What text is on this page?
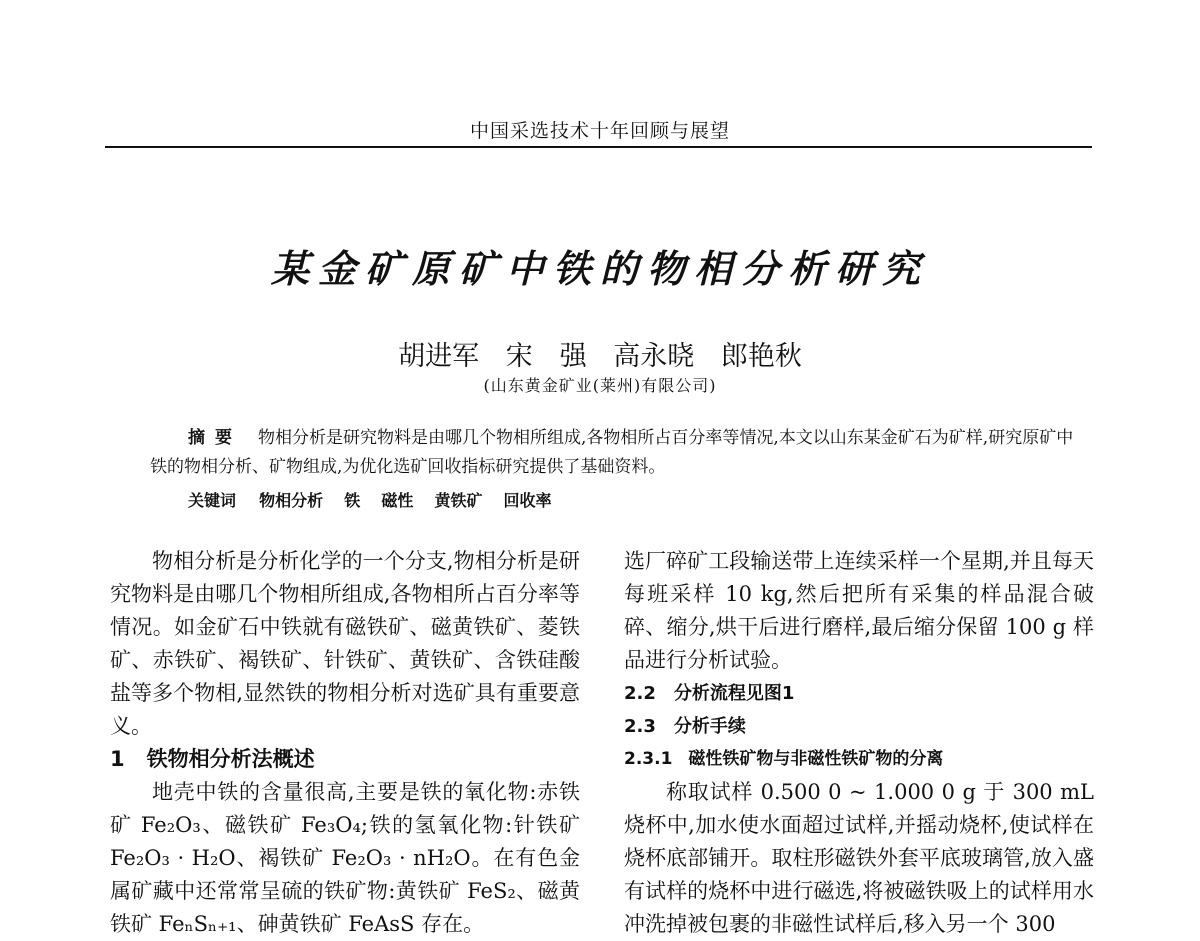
中国采选技术十年回顾与展望
某金矿原矿中铁的物相分析研究
胡进军 宋　强 高永晓 郎艳秋
(山东黄金矿业(莱州)有限公司)
摘要 物相分析是研究物料是由哪几个物相所组成,各物相所占百分率等情况,本文以山东某金矿石为矿样,研究原矿中铁的物相分析、矿物组成,为优化选矿回收指标研究提供了基础资料。
关键词 物相分析 铁 磁性 黄铁矿 回收率

物相分析是分析化学的一个分支,物相分析是研究物料是由哪几个物相所组成,各物相所占百分率等情况。如金矿石中铁就有磁铁矿、磁黄铁矿、菱铁矿、赤铁矿、褐铁矿、针铁矿、黄铁矿、含铁硅酸盐等多个物相,显然铁的物相分析对选矿具有重要意义。

1 铁物相分析法概述

地壳中铁的含量很高,主要是铁的氧化物:赤铁矿 Fe₂O₃、磁铁矿 Fe₃O₄;铁的氢氧化物:针铁矿 Fe₂O₃ · H₂O、褐铁矿 Fe₂O₃ · nH₂O。在有色金属矿藏中还常常呈硫的铁矿物:黄铁矿 FeS₂、磁黄铁矿 FeₙSₙ₊₁、砷黄铁矿 FeAsS 存在。

选厂碎矿工段输送带上连续采样一个星期,并且每天每班采样 10 kg,然后把所有采集的样品混合破碎、缩分,烘干后进行磨样,最后缩分保留 100 g 样品进行分析试验。

2.2 分析流程见图1

2.3 分析手续

2.3.1 磁性铁矿物与非磁性铁矿物的分离

称取试样 0.500 0 ~ 1.000 0 g 于 300 mL 烧杯中,加水使水面超过试样,并摇动烧杯,使试样在烧杯底部铺开。取柱形磁铁外套平底玻璃管,放入盛有试样的烧杯中进行磁选,将被磁铁吸上的试样用水冲洗掉被包裹的非磁性试样后,移入另一个 300
